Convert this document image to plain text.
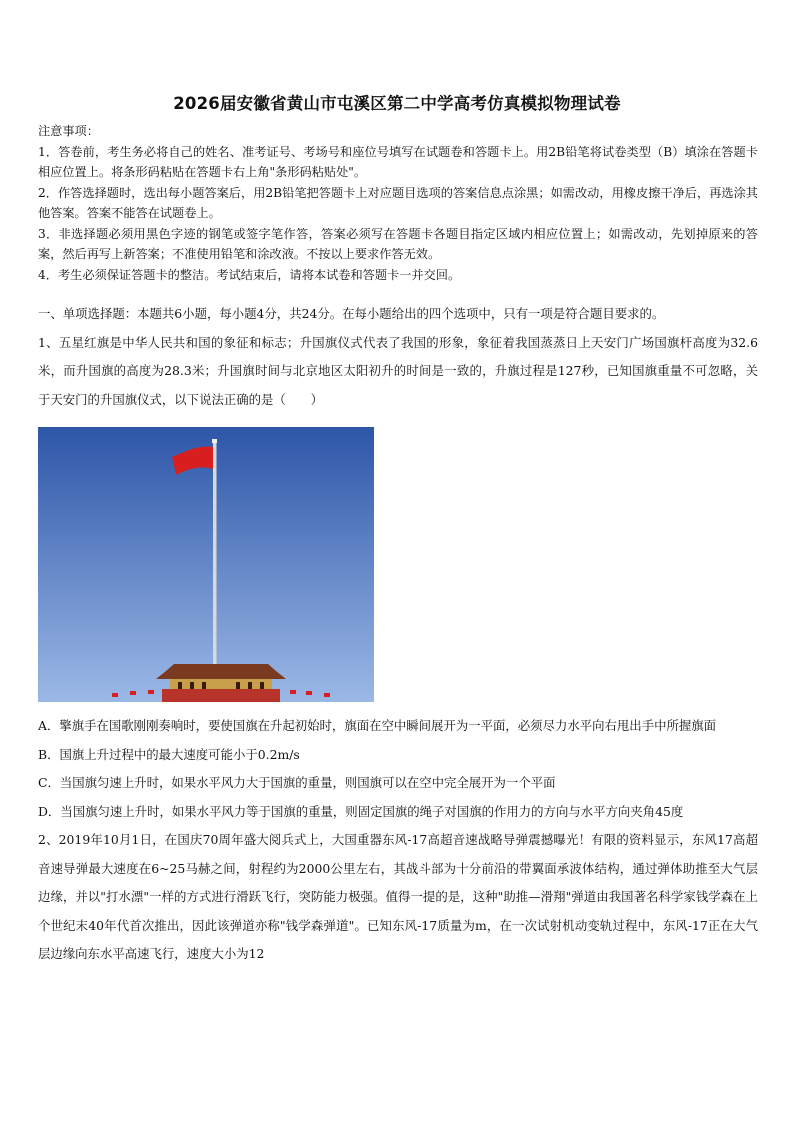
2026届安徽省黄山市屯溪区第二中学高考仿真模拟物理试卷

注意事项：

1．答卷前，考生务必将自己的姓名、准考证号、考场号和座位号填写在试题卷和答题卡上。用2B铅笔将试卷类型（B）填涂在答题卡相应位置上。将条形码粘贴在答题卡右上角"条形码粘贴处"。

2．作答选择题时，选出每小题答案后，用2B铅笔把答题卡上对应题目选项的答案信息点涂黑；如需改动，用橡皮擦干净后，再选涂其他答案。答案不能答在试题卷上。

3．非选择题必须用黑色字迹的钢笔或签字笔作答，答案必须写在答题卡各题目指定区域内相应位置上；如需改动，先划掉原来的答案，然后再写上新答案；不准使用铅笔和涂改液。不按以上要求作答无效。

4．考生必须保证答题卡的整洁。考试结束后，请将本试卷和答题卡一并交回。

一、单项选择题：本题共6小题，每小题4分，共24分。在每小题给出的四个选项中，只有一项是符合题目要求的。

1、五星红旗是中华人民共和国的象征和标志；升国旗仪式代表了我国的形象，象征着我国蒸蒸日上天安门广场国旗杆高度为32.6米，而升国旗的高度为28.3米；升国旗时间与北京地区太阳初升的时间是一致的，升旗过程是127秒，已知国旗重量不可忽略，关于天安门的升国旗仪式，以下说法正确的是（　　）

A．擎旗手在国歌刚刚奏响时，要使国旗在升起初始时，旗面在空中瞬间展开为一平面，必须尽力水平向右甩出手中所握旗面

B．国旗上升过程中的最大速度可能小于0.2m/s

C．当国旗匀速上升时，如果水平风力大于国旗的重量，则国旗可以在空中完全展开为一个平面

D．当国旗匀速上升时，如果水平风力等于国旗的重量，则固定国旗的绳子对国旗的作用力的方向与水平方向夹角45度

2、2019年10月1日，在国庆70周年盛大阅兵式上，大国重器东风-17高超音速战略导弹震撼曝光！有限的资料显示，东风17高超音速导弹最大速度在6~25马赫之间，射程约为2000公里左右，其战斗部为十分前沿的带翼面承波体结构，通过弹体助推至大气层边缘，并以"打水漂"一样的方式进行滑跃飞行，突防能力极强。值得一提的是，这种"助推—滑翔"弹道由我国著名科学家钱学森在上个世纪末40年代首次推出，因此该弹道亦称"钱学森弹道"。已知东风-17质量为m，在一次试射机动变轨过程中，东风-17正在大气层边缘向东水平高速飞行，速度大小为12
